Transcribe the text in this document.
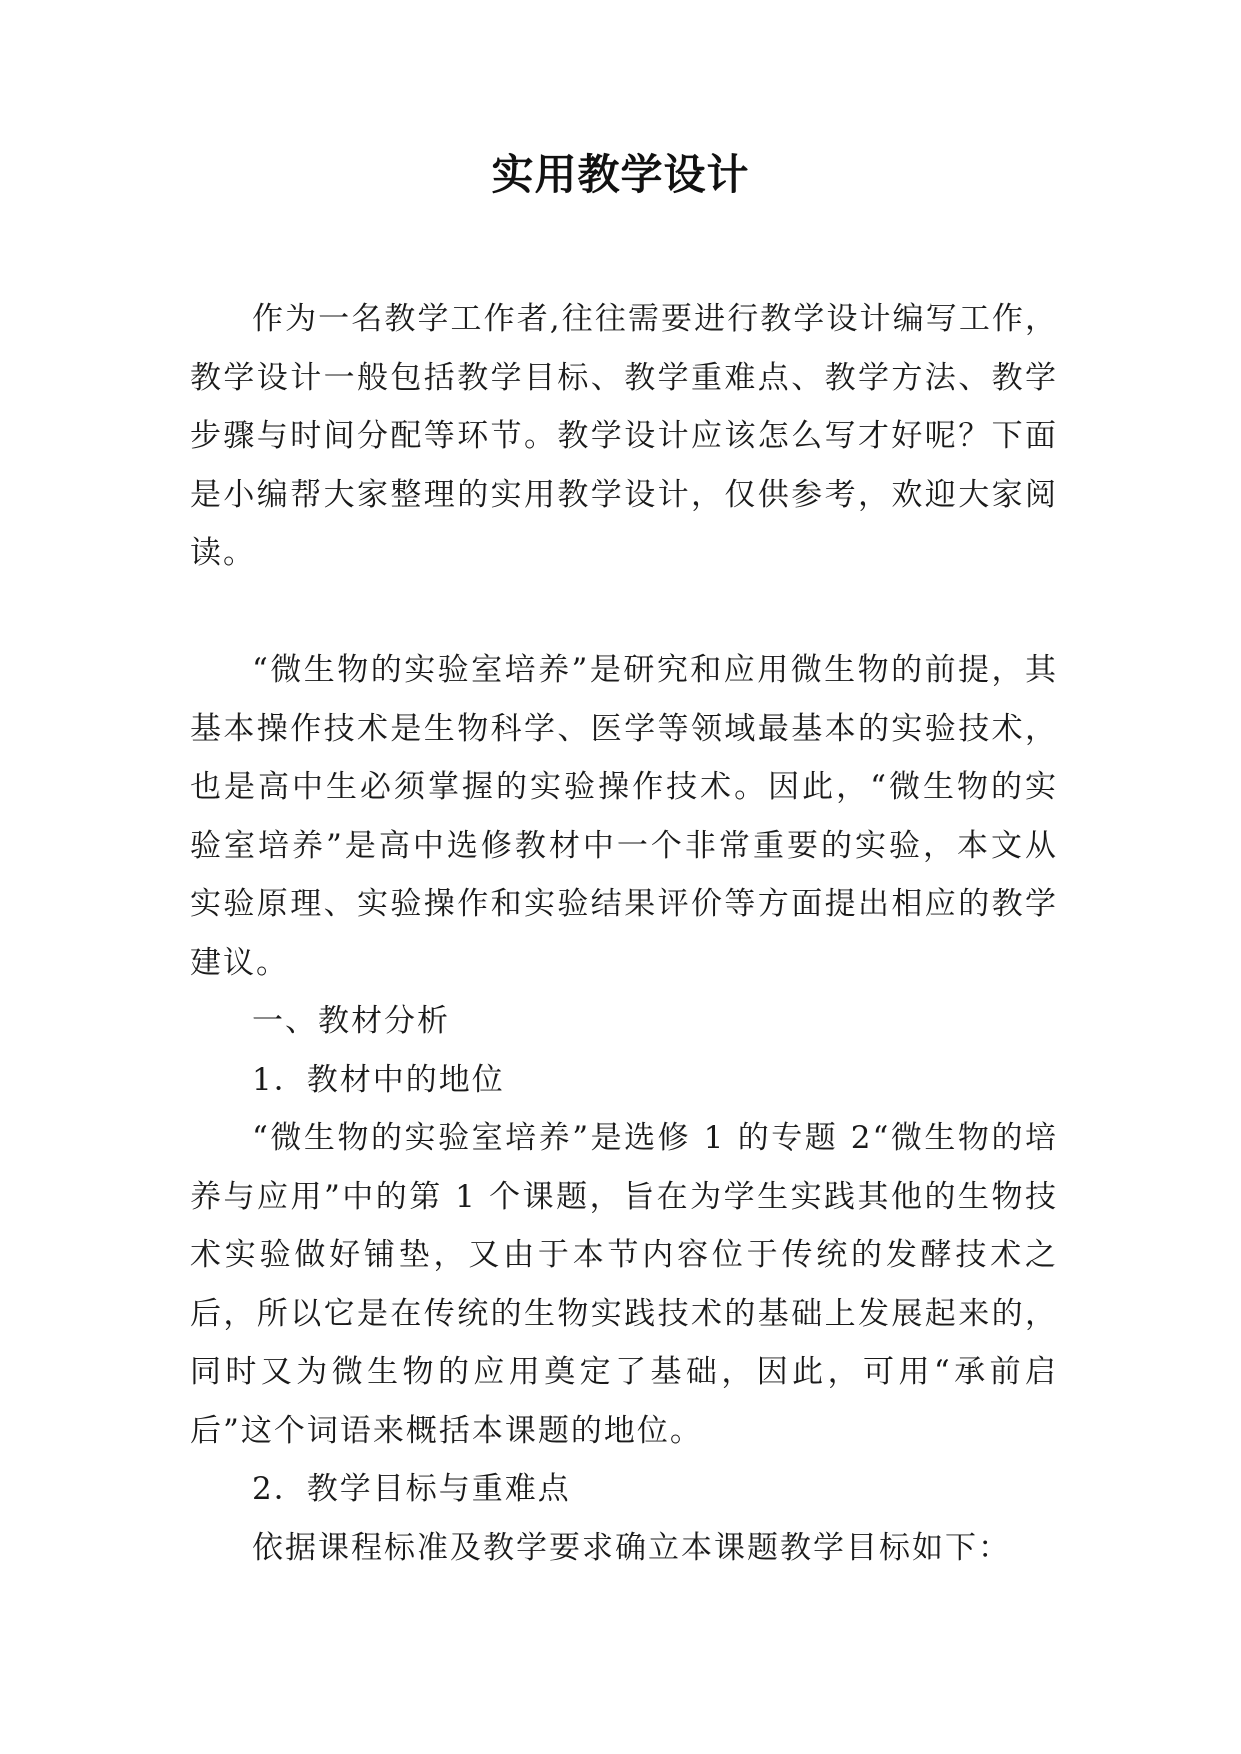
实用教学设计

作为一名教学工作者,往往需要进行教学设计编写工作，教学设计一般包括教学目标、教学重难点、教学方法、教学步骤与时间分配等环节。教学设计应该怎么写才好呢？下面是小编帮大家整理的实用教学设计，仅供参考，欢迎大家阅读。

“微生物的实验室培养”是研究和应用微生物的前提，其基本操作技术是生物科学、医学等领域最基本的实验技术，也是高中生必须掌握的实验操作技术。因此，“微生物的实验室培养”是高中选修教材中一个非常重要的实验，本文从实验原理、实验操作和实验结果评价等方面提出相应的教学建议。

一、教材分析

1．教材中的地位

“微生物的实验室培养”是选修 1 的专题 2“微生物的培养与应用”中的第 1 个课题，旨在为学生实践其他的生物技术实验做好铺垫，又由于本节内容位于传统的发酵技术之后，所以它是在传统的生物实践技术的基础上发展起来的，同时又为微生物的应用奠定了基础，因此，可用“承前启后”这个词语来概括本课题的地位。

2．教学目标与重难点

依据课程标准及教学要求确立本课题教学目标如下：
